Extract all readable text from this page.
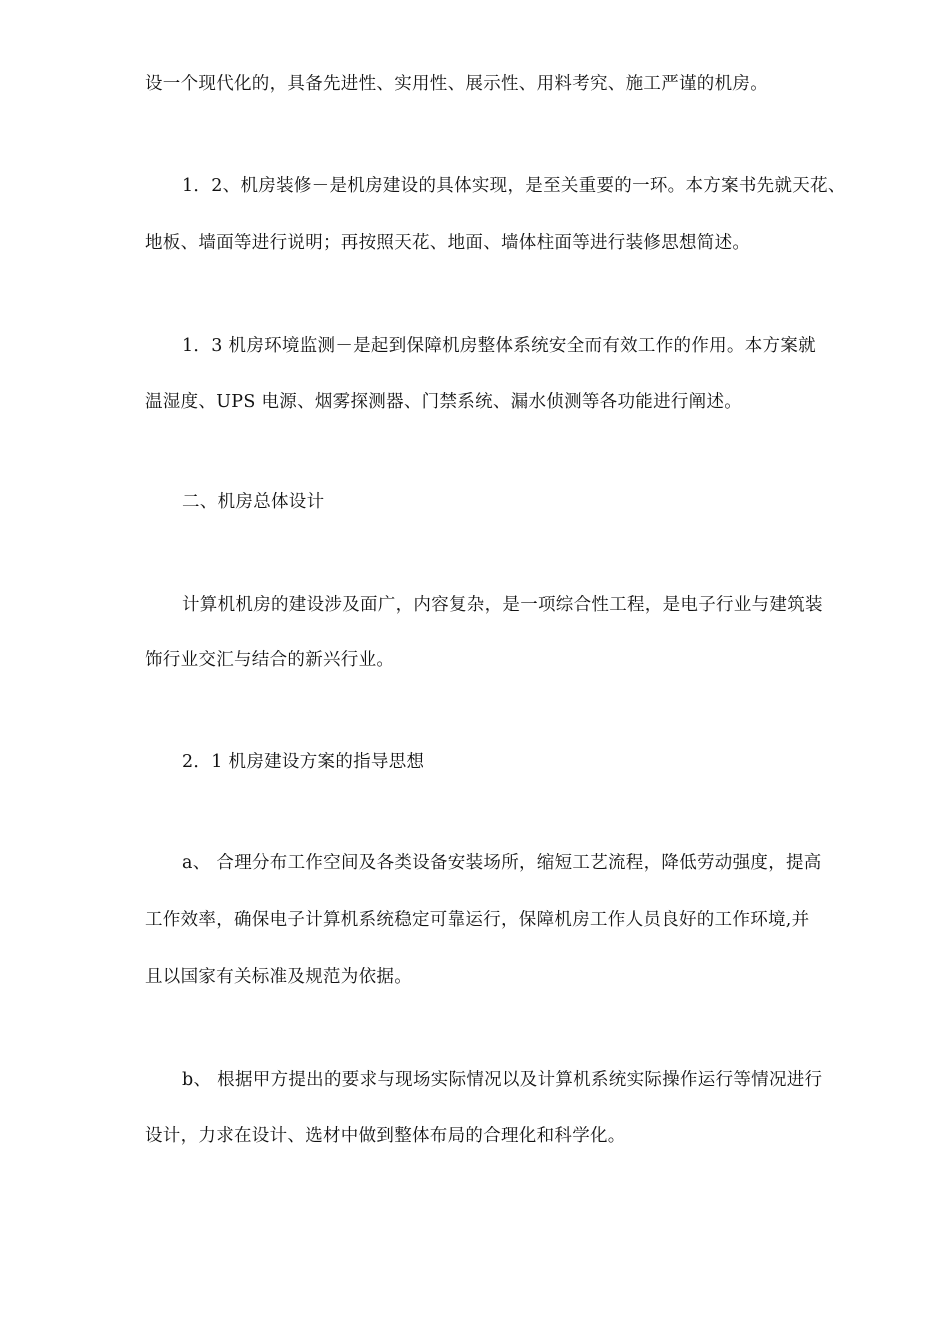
设一个现代化的，具备先进性、实用性、展示性、用料考究、施工严谨的机房。
1．2、机房装修－是机房建设的具体实现，是至关重要的一环。本方案书先就天花、
地板、墙面等进行说明；再按照天花、地面、墙体柱面等进行装修思想简述。
1．3 机房环境监测－是起到保障机房整体系统安全而有效工作的作用。本方案就
温湿度、UPS 电源、烟雾探测器、门禁系统、漏水侦测等各功能进行阐述。
二、机房总体设计
计算机机房的建设涉及面广，内容复杂，是一项综合性工程，是电子行业与建筑装
饰行业交汇与结合的新兴行业。
2．1 机房建设方案的指导思想
a、 合理分布工作空间及各类设备安装场所，缩短工艺流程，降低劳动强度，提高
工作效率，确保电子计算机系统稳定可靠运行，保障机房工作人员良好的工作环境,并
且以国家有关标准及规范为依据。
b、 根据甲方提出的要求与现场实际情况以及计算机系统实际操作运行等情况进行
设计，力求在设计、选材中做到整体布局的合理化和科学化。
